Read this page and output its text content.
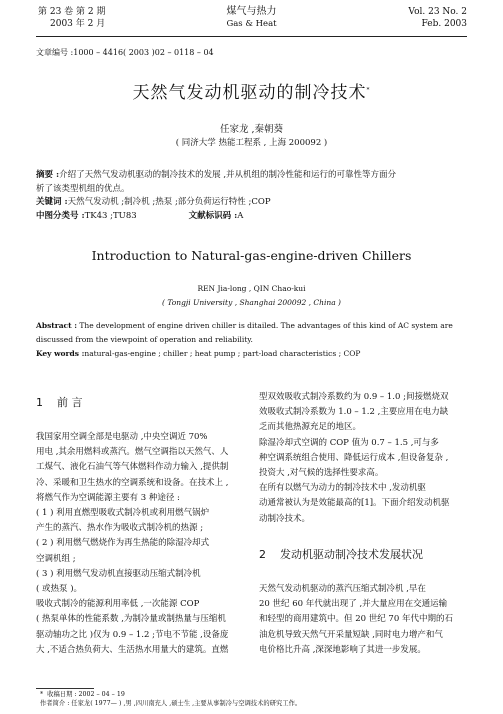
第 23 卷 第 2 期
2003 年 2 月
煤气与热力
Gas & Heat
Vol. 23 No. 2
Feb. 2003
文章编号 :1000 – 4416( 2003 )02 – 0118 – 04
天然气发动机驱动的制冷技术*
任家龙 ,秦朝葵
( 同济大学 热能工程系 , 上海 200092 )
摘要 :介绍了天然气发动机驱动的制冷技术的发展 ,并从机组的制冷性能和运行的可靠性等方面分
析了该类型机组的优点。
关键词 :天然气发动机 ;制冷机 ;热泵 ;部分负荷运行特性 ;COP
中图分类号 :TK43 ;TU83	文献标识码 :A
Introduction to Natural-gas-engine-driven Chillers
REN Jia-long , QIN Chao-kui
( Tongji University , Shanghai 200092 , China )
Abstract : The development of engine driven chiller is ditailed. The advantages of this kind of AC system are
discussed from the viewpoint of operation and reliability.
Key words :natural-gas-engine ; chiller ; heat pump ; part-load characteristics ; COP
1 前 言
我国家用空调全部是电驱动 ,中央空调近 70%
用电 ,其余用燃料或蒸汽。燃气空调指以天然气、人
工煤气、液化石油气等气体燃料作动力输入 ,提供制
冷、采暖和卫生热水的空调系统和设备。在技术上 ,
将燃气作为空调能源主要有 3 种途径 :
( 1 ) 利用直燃型吸收式制冷机或利用燃气锅炉
产生的蒸汽、热水作为吸收式制冷机的热源 ;
( 2 ) 利用燃气燃烧作为再生热能的除湿冷却式
空调机组 ;
( 3 ) 利用燃气发动机直接驱动压缩式制冷机
( 或热泵 )。
吸收式制冷的能源利用率低 ,一次能源 COP
( 热泵单体的性能系数 ,为制冷量或制热量与压缩机
驱动轴功之比 )仅为 0.9 – 1.2 ;节电不节能 ,设备庞
大 ,不适合热负荷大、生活热水用量大的建筑。直燃
型双效吸收式制冷系数约为 0.9 – 1.0 ;间接燃烧双
效吸收式制冷系数为 1.0 – 1.2 ,主要应用在电力缺
乏而其他热源充足的地区。
除湿冷却式空调的 COP 值为 0.7 – 1.5 ,可与多
种空调系统组合使用、降低运行成本 ,但设备复杂 ,
投资大 ,对气候的选择性要求高。
在所有以燃气为动力的制冷技术中 ,发动机驱
动通常被认为是效能最高的[1]。下面介绍发动机驱
动制冷技术。
2 发动机驱动制冷技术发展状况
天然气发动机驱动的蒸汽压缩式制冷机 ,早在
20 世纪 60 年代就出现了 ,并大量应用在交通运输
和轻型的商用建筑中。但 20 世纪 70 年代中期的石
油危机导致天然气开采量短缺 ,同时电力增产和气
电价格比升高 ,深深地影响了其进一步发展。
* 收稿日期 : 2002 – 04 – 19
作者简介 : 任家龙( 1977— ) ,男 ,四川南充人 ,硕士生 ,主要从事制冷与空调技术的研究工作。
